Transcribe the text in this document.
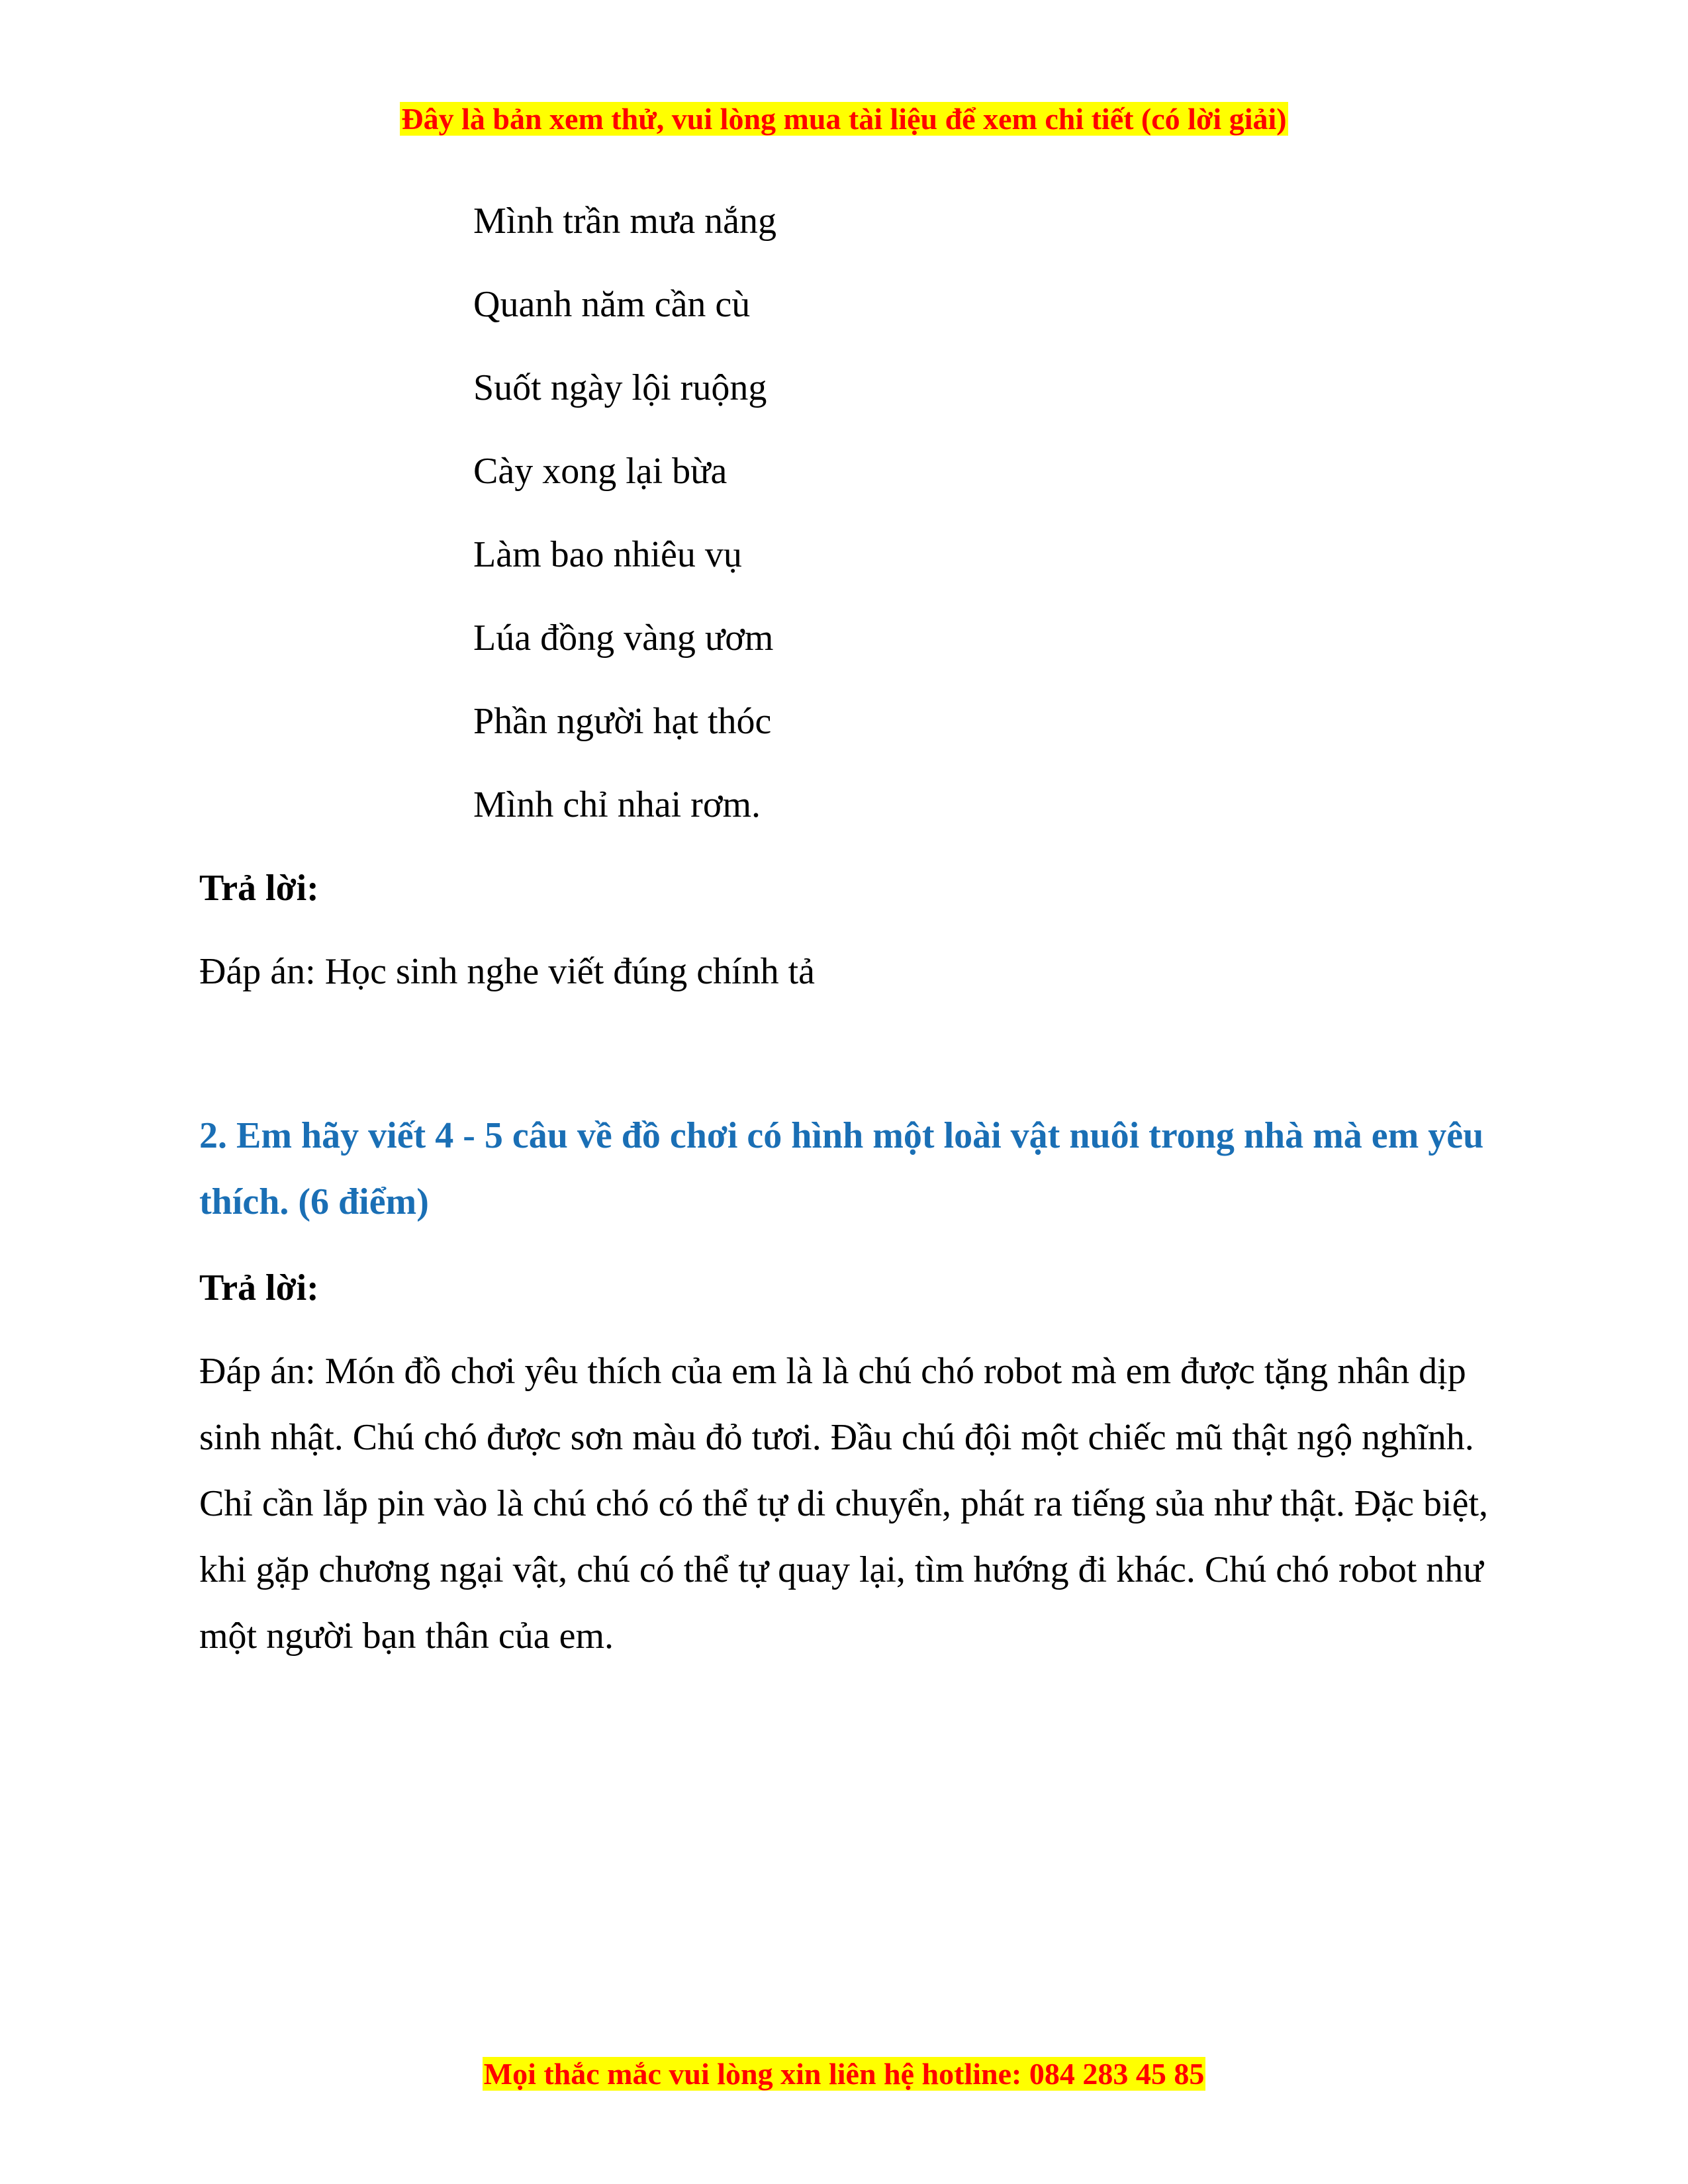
Đây là bản xem thử, vui lòng mua tài liệu để xem chi tiết (có lời giải)
Mình trần mưa nắng
Quanh năm cần cù
Suốt ngày lội ruộng
Cày xong lại bừa
Làm bao nhiêu vụ
Lúa đồng vàng ươm
Phần người hạt thóc
Mình chỉ nhai rơm.
Trả lời:
Đáp án: Học sinh nghe viết đúng chính tả
2. Em hãy viết 4 - 5 câu về đồ chơi có hình một loài vật nuôi trong nhà mà em yêu thích. (6 điểm)
Trả lời:
Đáp án: Món đồ chơi yêu thích của em là là chú chó robot mà em được tặng nhân dịp sinh nhật. Chú chó được sơn màu đỏ tươi. Đầu chú đội một chiếc mũ thật ngộ nghĩnh. Chỉ cần lắp pin vào là chú chó có thể tự di chuyển, phát ra tiếng sủa như thật. Đặc biệt, khi gặp chương ngại vật, chú có thể tự quay lại, tìm hướng đi khác. Chú chó robot như một người bạn thân của em.
Mọi thắc mắc vui lòng xin liên hệ hotline: 084 283 45 85
